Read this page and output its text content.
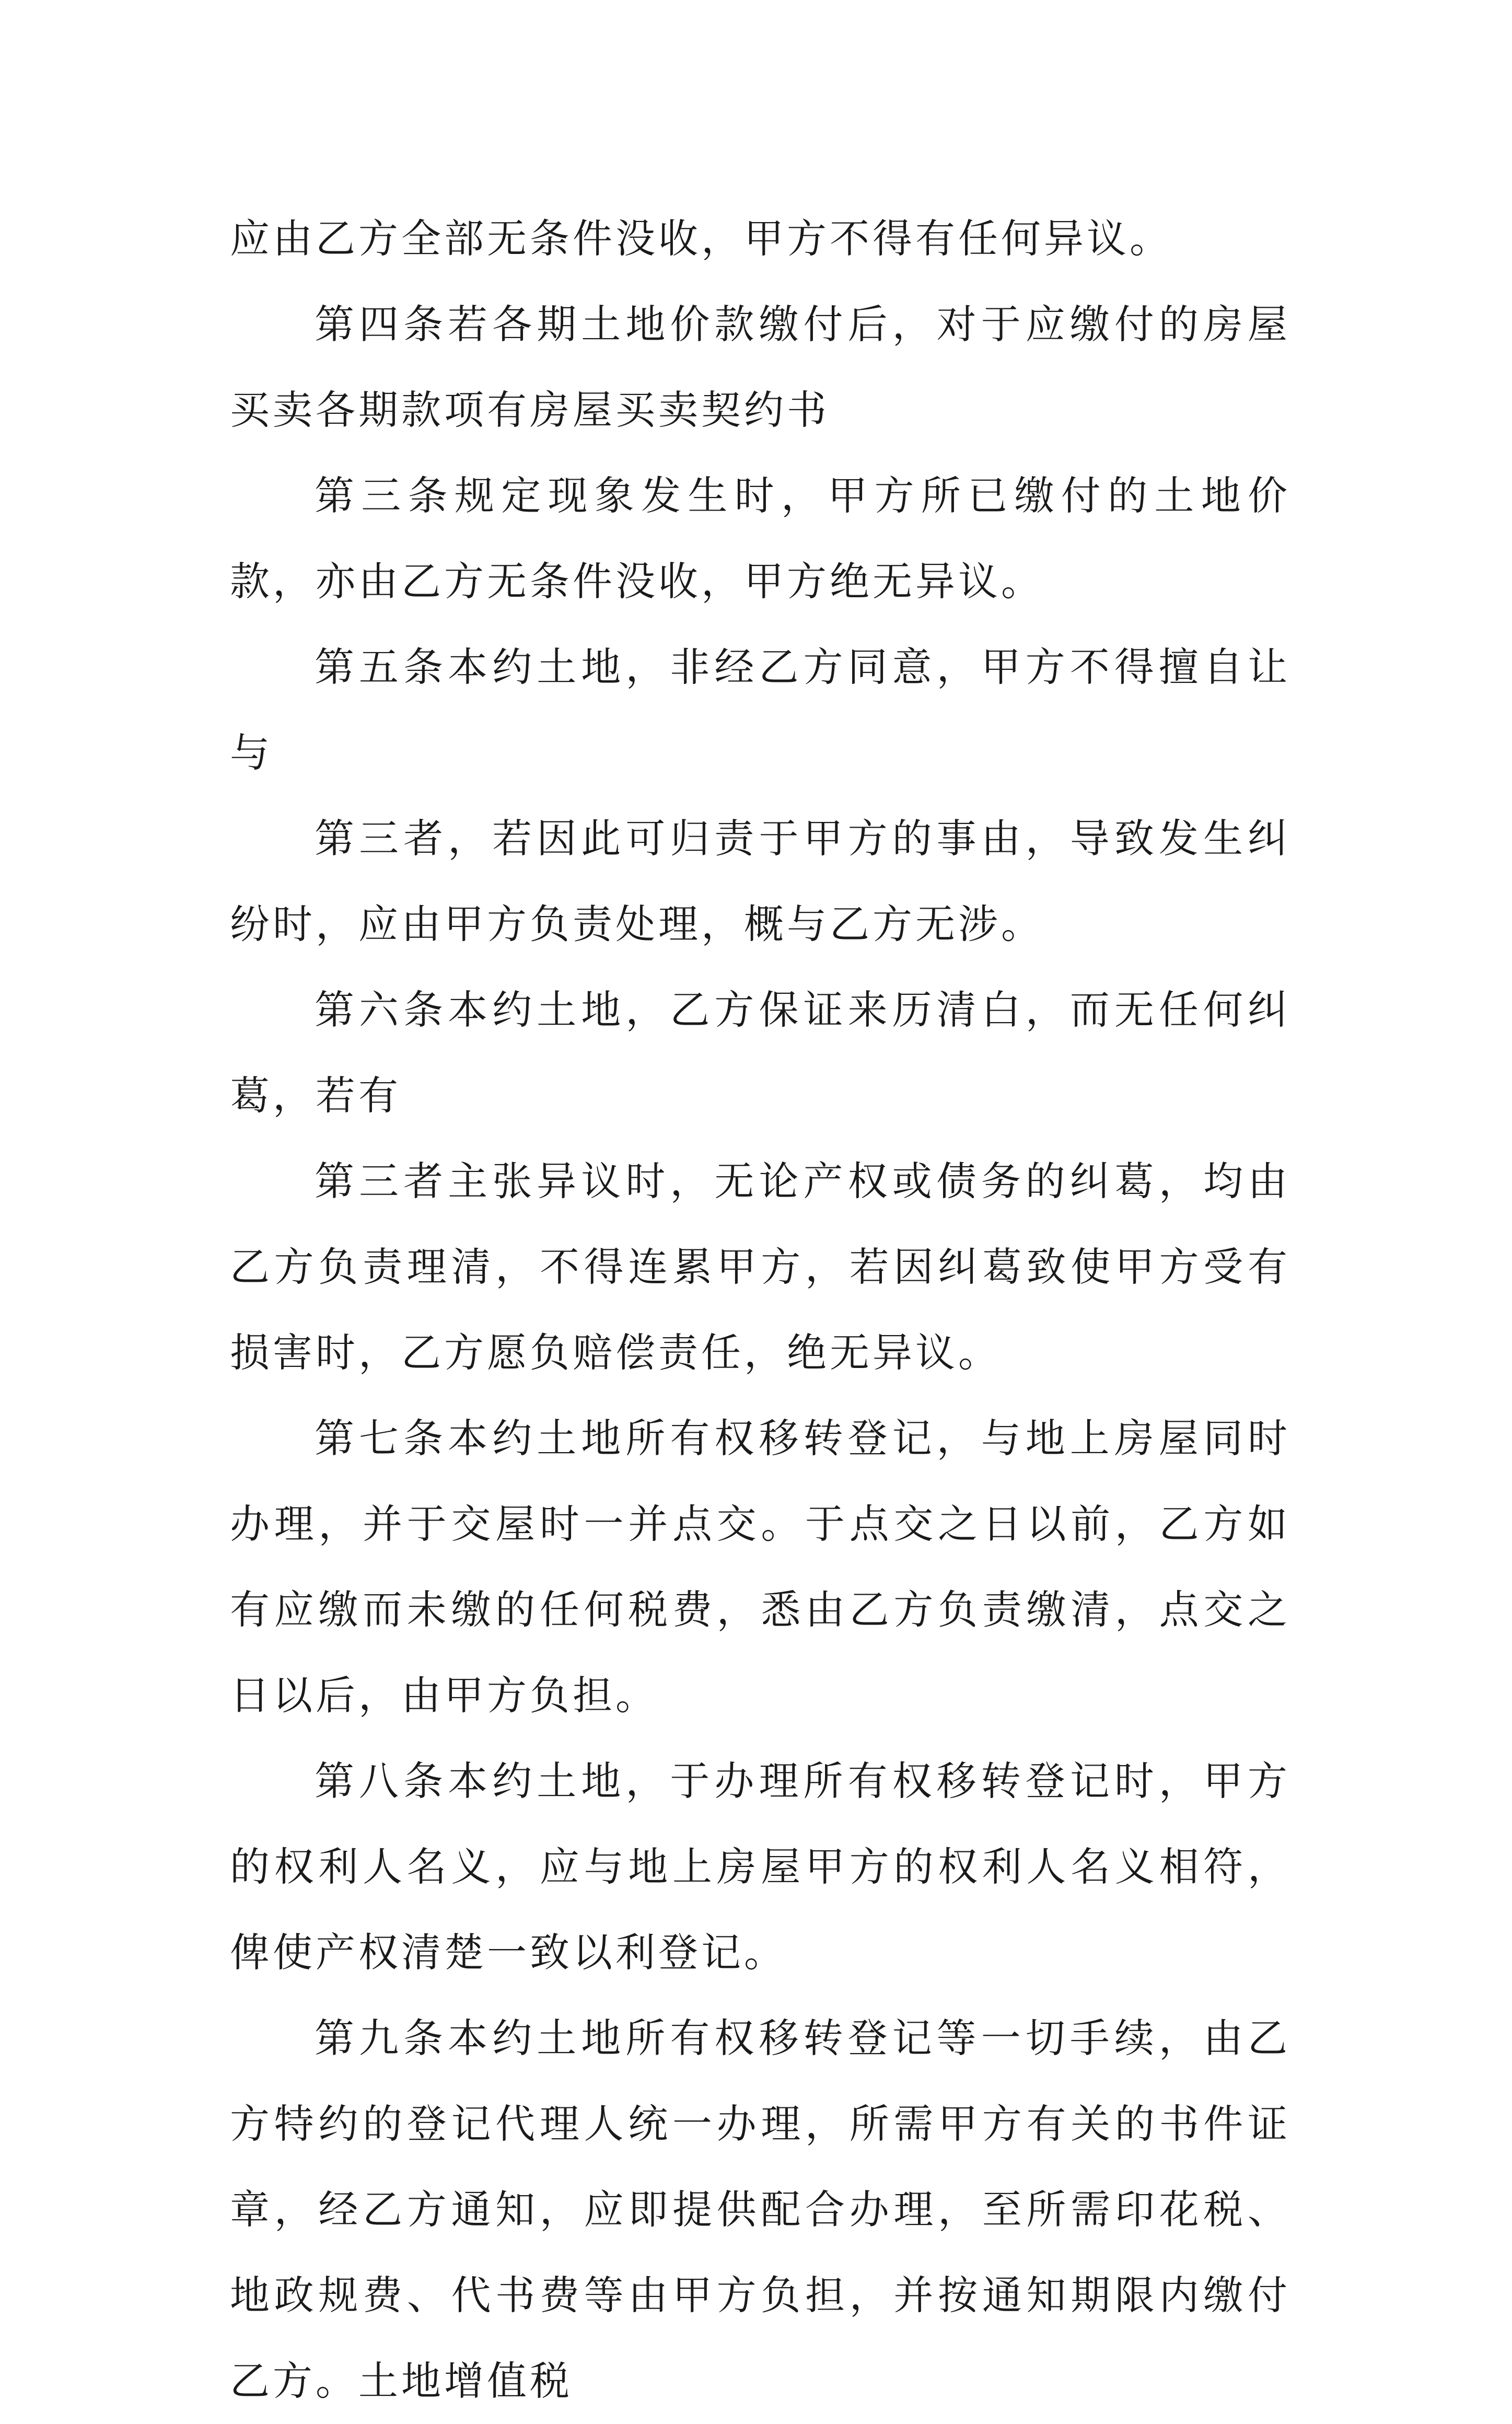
应由乙方全部无条件没收，甲方不得有任何异议。

第四条若各期土地价款缴付后，对于应缴付的房屋买卖各期款项有房屋买卖契约书

第三条规定现象发生时，甲方所已缴付的土地价款，亦由乙方无条件没收，甲方绝无异议。

第五条本约土地，非经乙方同意，甲方不得擅自让与

第三者，若因此可归责于甲方的事由，导致发生纠纷时，应由甲方负责处理，概与乙方无涉。

第六条本约土地，乙方保证来历清白，而无任何纠葛，若有

第三者主张异议时，无论产权或债务的纠葛，均由乙方负责理清，不得连累甲方，若因纠葛致使甲方受有损害时，乙方愿负赔偿责任，绝无异议。

第七条本约土地所有权移转登记，与地上房屋同时办理，并于交屋时一并点交。于点交之日以前，乙方如有应缴而未缴的任何税费，悉由乙方负责缴清，点交之日以后，由甲方负担。

第八条本约土地，于办理所有权移转登记时，甲方的权利人名义，应与地上房屋甲方的权利人名义相符，俾使产权清楚一致以利登记。

第九条本约土地所有权移转登记等一切手续，由乙方特约的登记代理人统一办理，所需甲方有关的书件证章，经乙方通知，应即提供配合办理，至所需印花税、地政规费、代书费等由甲方负担，并按通知期限内缴付乙方。土地增值税
